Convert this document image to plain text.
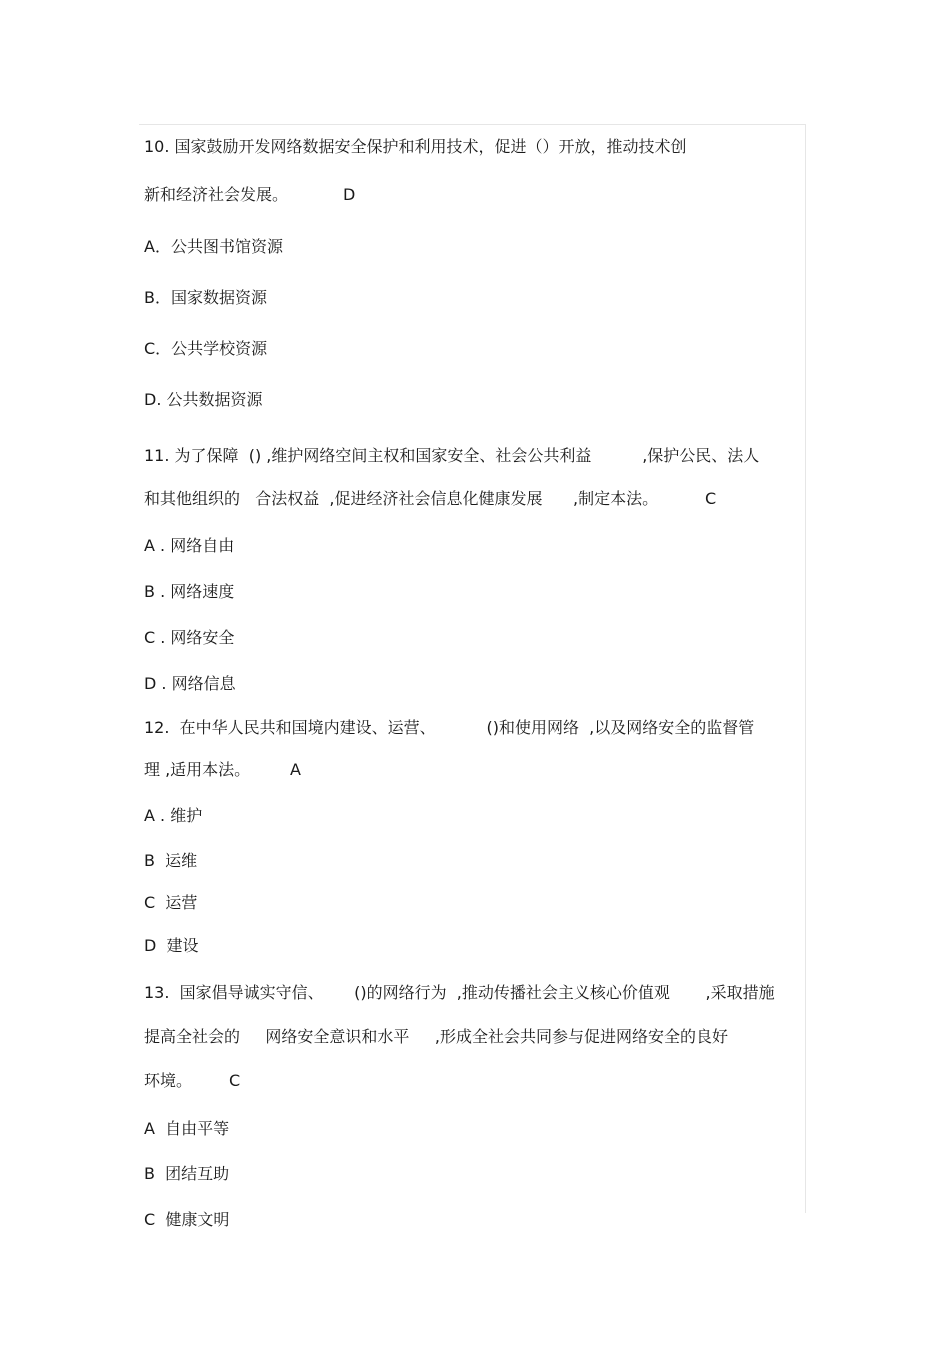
10. 国家鼓励开发网络数据安全保护和利用技术，促进（）开放，推动技术创
新和经济社会发展。	D
A．公共图书馆资源
B．国家数据资源
C．公共学校资源
D. 公共数据资源
11. 为了保障  () ,维护网络空间主权和国家安全、社会公共利益          ,保护公民、法人
和其他组织的   合法权益  ,促进经济社会信息化健康发展      ,制定本法。	C
A . 网络自由
B . 网络速度
C . 网络安全
D . 网络信息
12.  在中华人民共和国境内建设、运营、          ()和使用网络  ,以及网络安全的监督管
理 ,适用本法。 A
A . 维护
B  运维
C  运营
D  建设
13.  国家倡导诚实守信、      ()的网络行为  ,推动传播社会主义核心价值观       ,采取措施
提高全社会的     网络安全意识和水平     ,形成全社会共同参与促进网络安全的良好
环境。 C
A  自由平等
B  团结互助
C  健康文明
